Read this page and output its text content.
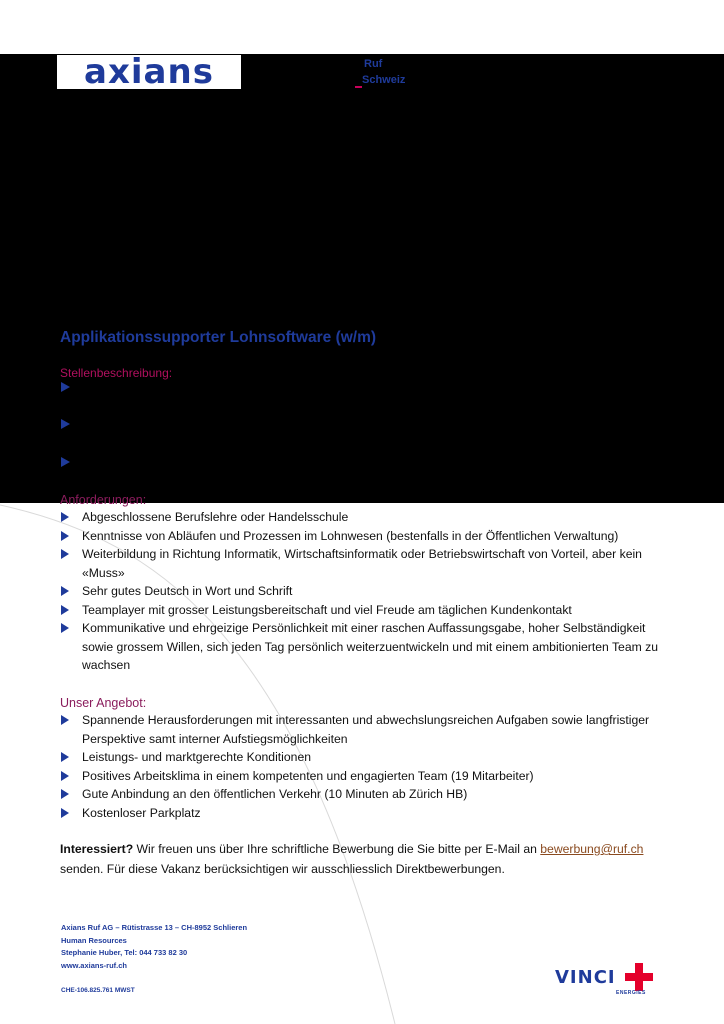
axians	Ruf
Schweiz
Applikationssupporter Lohnsoftware (w/m)
Stellenbeschreibung:
Anforderungen:
Abgeschlossene Berufslehre oder Handelsschule
Kenntnisse von Abläufen und Prozessen im Lohnwesen (bestenfalls in der Öffentlichen Verwaltung)
Weiterbildung in Richtung Informatik, Wirtschaftsinformatik oder Betriebswirtschaft von Vorteil, aber kein «Muss»
Sehr gutes Deutsch in Wort und Schrift
Teamplayer mit grosser Leistungsbereitschaft und viel Freude am täglichen Kundenkontakt
Kommunikative und ehrgeizige Persönlichkeit mit einer raschen Auffassungsgabe, hoher Selbständigkeit sowie grossem Willen, sich jeden Tag persönlich weiterzuentwickeln und mit einem ambitionierten Team zu wachsen
Unser Angebot:
Spannende Herausforderungen mit interessanten und abwechslungsreichen Aufgaben sowie langfristiger Perspektive samt interner Aufstiegsmöglichkeiten
Leistungs- und marktgerechte Konditionen
Positives Arbeitsklima in einem kompetenten und engagierten Team (19 Mitarbeiter)
Gute Anbindung an den öffentlichen Verkehr (10 Minuten ab Zürich HB)
Kostenloser Parkplatz
Interessiert? Wir freuen uns über Ihre schriftliche Bewerbung die Sie bitte per E-Mail an bewerbung@ruf.ch
senden. Für diese Vakanz berücksichtigen wir ausschliesslich Direktbewerbungen.
Axians Ruf AG – Rütistrasse 13 – CH-8952 Schlieren
Human Resources
Stephanie Huber, Tel: 044 733 82 30
www.axians-ruf.ch
CHE-106.825.761 MWST
VINCI
ENERGIES
